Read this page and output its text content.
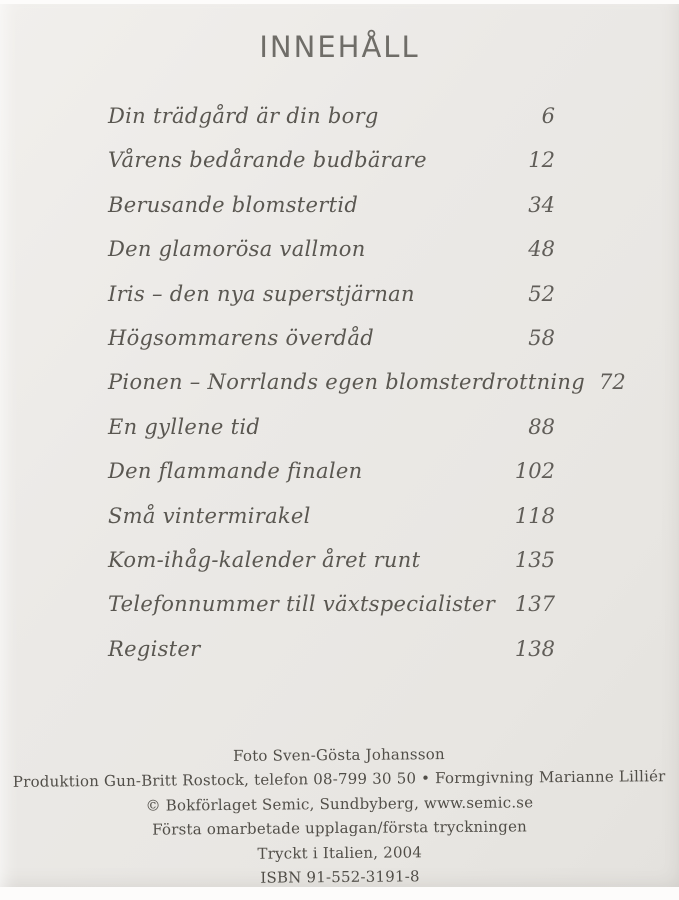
INNEHÅLL
Din trädgård är din borg	6
Vårens bedårande budbärare	12
Berusande blomstertid	34
Den glamorösa vallmon	48
Iris – den nya superstjärnan	52
Högsommarens överdåd	58
Pionen – Norrlands egen blomsterdrottning 72
En gyllene tid	88
Den flammande finalen	102
Små vintermirakel	118
Kom-ihåg-kalender året runt	135
Telefonnummer till växtspecialister 137
Register	138
Foto Sven-Gösta Johansson
Produktion Gun-Britt Rostock, telefon 08-799 30 50 • Formgivning Marianne Lilliér
© Bokförlaget Semic, Sundbyberg, www.semic.se
Första omarbetade upplagan/första tryckningen
Tryckt i Italien, 2004
ISBN 91-552-3191-8
